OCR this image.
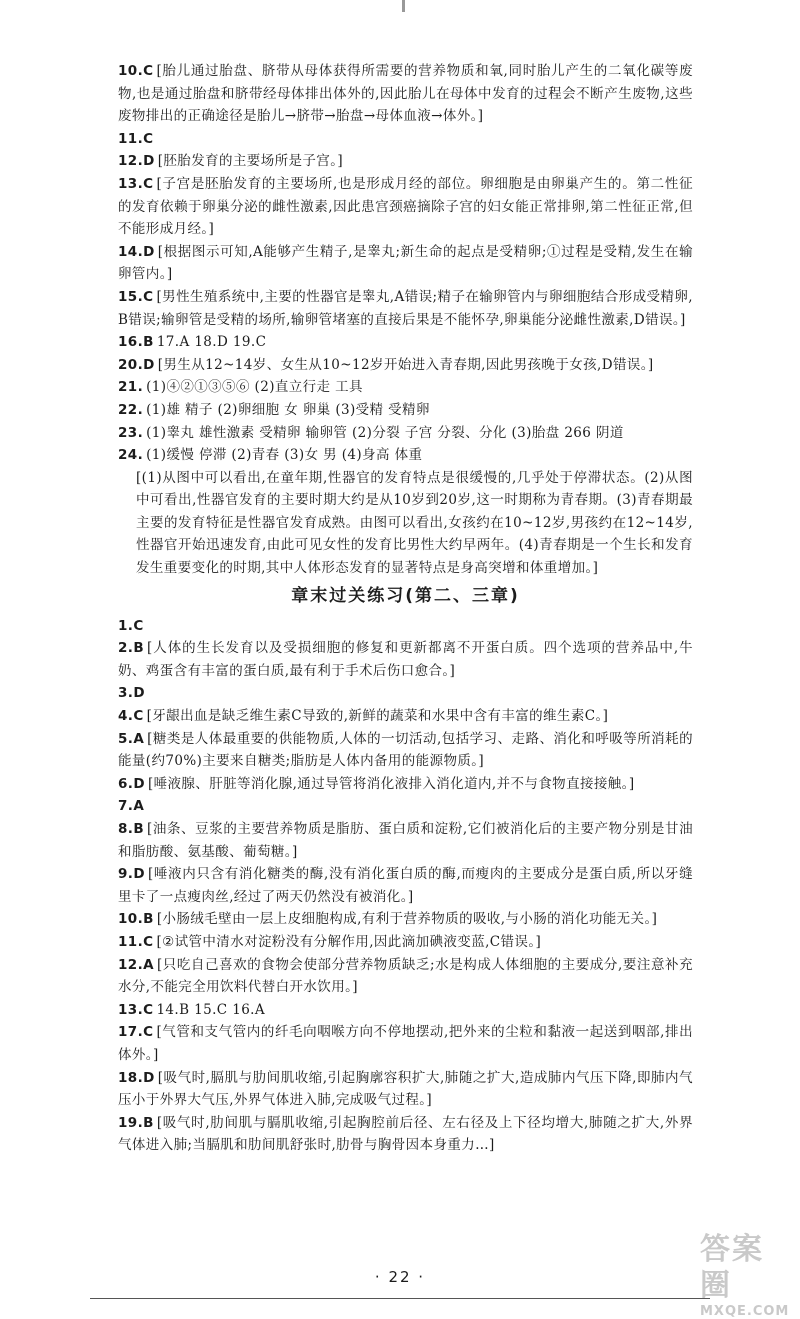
10.C [胎儿通过胎盘、脐带从母体获得所需要的营养物质和氧,同时胎儿产生的二氧化碳等废物,也是通过胎盘和脐带经母体排出体外的,因此胎儿在母体中发育的过程会不断产生废物,这些废物排出的正确途径是胎儿→脐带→胎盘→母体血液→体外。]
11.C
12.D [胚胎发育的主要场所是子宫。]
13.C [子宫是胚胎发育的主要场所,也是形成月经的部位。卵细胞是由卵巢产生的。第二性征的发育依赖于卵巢分泌的雌性激素,因此患宫颈癌摘除子宫的妇女能正常排卵,第二性征正常,但不能形成月经。]
14.D [根据图示可知,A能够产生精子,是睾丸;新生命的起点是受精卵;①过程是受精,发生在输卵管内。]
15.C [男性生殖系统中,主要的性器官是睾丸,A错误;精子在输卵管内与卵细胞结合形成受精卵,B错误;输卵管是受精的场所,输卵管堵塞的直接后果是不能怀孕,卵巢能分泌雌性激素,D错误。]
16.B 17.A 18.D 19.C
20.D [男生从12~14岁、女生从10~12岁开始进入青春期,因此男孩晚于女孩,D错误。]
21. (1)④②①③⑤⑥ (2)直立行走 工具
22. (1)雄 精子 (2)卵细胞 女 卵巢 (3)受精 受精卵
23. (1)睾丸 雄性激素 受精卵 输卵管 (2)分裂 子宫 分裂、分化 (3)胎盘 266 阴道
24. (1)缓慢 停滞 (2)青春 (3)女 男 (4)身高 体重
[(1)从图中可以看出,在童年期,性器官的发育特点是很缓慢的,几乎处于停滞状态。(2)从图中可看出,性器官发育的主要时期大约是从10岁到20岁,这一时期称为青春期。(3)青春期最主要的发育特征是性器官发育成熟。由图可以看出,女孩约在10~12岁,男孩约在12~14岁,性器官开始迅速发育,由此可见女性的发育比男性大约早两年。(4)青春期是一个生长和发育发生重要变化的时期,其中人体形态发育的显著特点是身高突增和体重增加。]
章末过关练习(第二、三章)
1.C
2.B [人体的生长发育以及受损细胞的修复和更新都离不开蛋白质。四个选项的营养品中,牛奶、鸡蛋含有丰富的蛋白质,最有利于手术后伤口愈合。]
3.D
4.C [牙龈出血是缺乏维生素C导致的,新鲜的蔬菜和水果中含有丰富的维生素C。]
5.A [糖类是人体最重要的供能物质,人体的一切活动,包括学习、走路、消化和呼吸等所消耗的能量(约70%)主要来自糖类;脂肪是人体内备用的能源物质。]
6.D [唾液腺、肝脏等消化腺,通过导管将消化液排入消化道内,并不与食物直接接触。]
7.A
8.B [油条、豆浆的主要营养物质是脂肪、蛋白质和淀粉,它们被消化后的主要产物分别是甘油和脂肪酸、氨基酸、葡萄糖。]
9.D [唾液内只含有消化糖类的酶,没有消化蛋白质的酶,而瘦肉的主要成分是蛋白质,所以牙缝里卡了一点瘦肉丝,经过了两天仍然没有被消化。]
10.B [小肠绒毛壁由一层上皮细胞构成,有利于营养物质的吸收,与小肠的消化功能无关。]
11.C [②试管中清水对淀粉没有分解作用,因此滴加碘液变蓝,C错误。]
12.A [只吃自己喜欢的食物会使部分营养物质缺乏;水是构成人体细胞的主要成分,要注意补充水分,不能完全用饮料代替白开水饮用。]
13.C 14.B 15.C 16.A
17.C [气管和支气管内的纤毛向咽喉方向不停地摆动,把外来的尘粒和黏液一起送到咽部,排出体外。]
18.D [吸气时,膈肌与肋间肌收缩,引起胸廓容积扩大,肺随之扩大,造成肺内气压下降,即肺内气压小于外界大气压,外界气体进入肺,完成吸气过程。]
19.B [吸气时,肋间肌与膈肌收缩,引起胸腔前后径、左右径及上下径均增大,肺随之扩大,外界气体进入肺;当膈肌和肋间肌舒张时,肋骨与胸骨因本身重力…]
· 22 ·
答案圈
MXQE.COM
